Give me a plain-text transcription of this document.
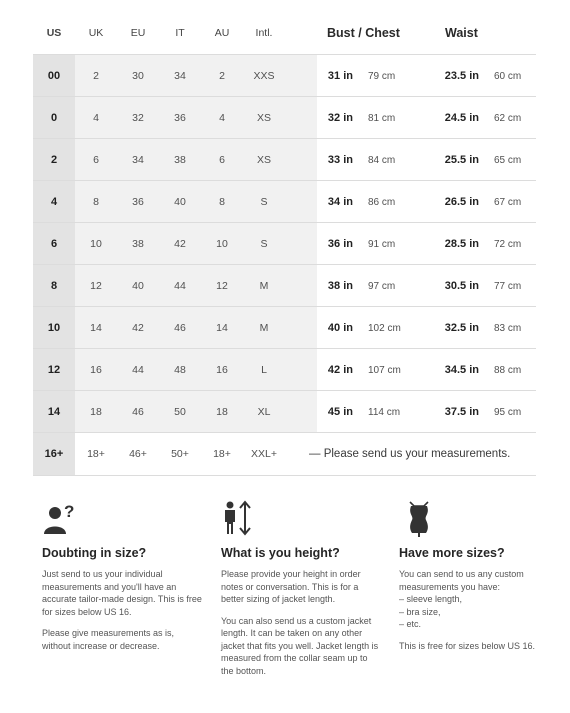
US	UK	EU	IT	AU	Intl.	Bust / Chest	Waist
00	2	30	34	2	XXS	31 in 79 cm	23.5 in 60 cm
0	4	32	36	4	XS	32 in 81 cm	24.5 in 62 cm
2	6	34	38	6	XS	33 in 84 cm	25.5 in 65 cm
4	8	36	40	8	S	34 in 86 cm	26.5 in 67 cm
6	10	38	42	10	S	36 in 91 cm	28.5 in 72 cm
8	12	40	44	12	M	38 in 97 cm	30.5 in 77 cm
10	14	42	46	14	M	40 in 102 cm	32.5 in 83 cm
12	16	44	48	16	L	42 in 107 cm	34.5 in 88 cm
14	18	46	50	18	XL	45 in 114 cm	37.5 in 95 cm
16+	18+	46+	50+	18+	XXL+	— Please send us your measurements.
?
Doubting in size?

Just send to us your individual measurements and you'll have an accurate tailor-made design. This is free for sizes below US 16.

Please give measurements as is, without increase or decrease.

What is you height?

Please provide your height in order notes or conversation. This is for a better sizing of jacket length.

You can also send us a custom jacket length. It can be taken on any other jacket that fits you well. Jacket length is measured from the collar seam up to the bottom.

Have more sizes?

You can send to us any custom measurements you have:
– sleeve length,
– bra size,
– etc.

This is free for sizes below US 16.
